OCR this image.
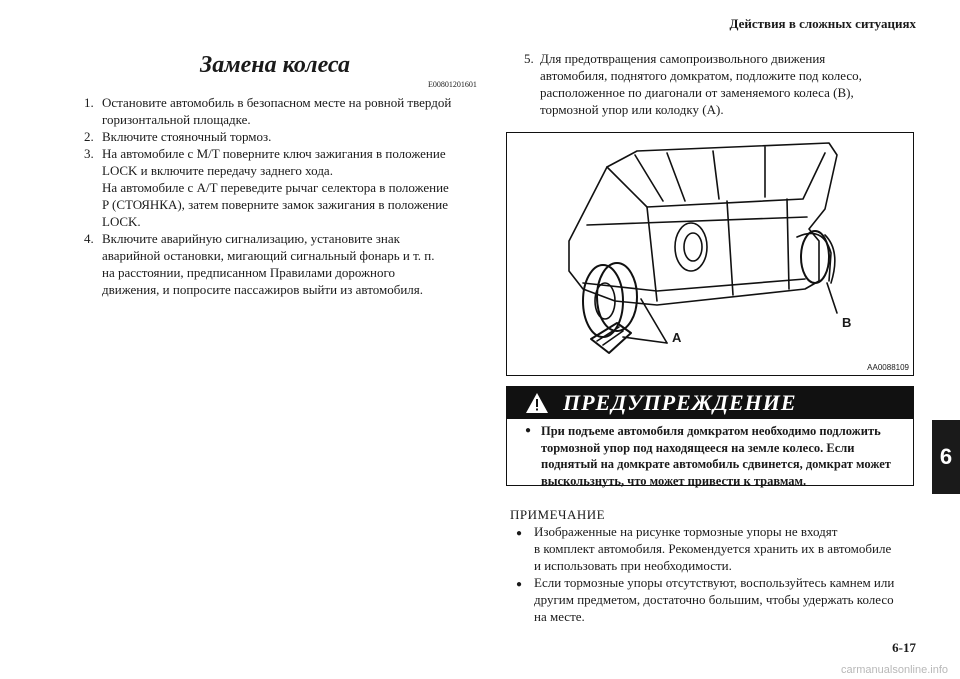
Действия в сложных ситуациях
Замена колеса
E00801201601
1. Остановите автомобиль в безопасном месте на ровной твердой
горизонтальной площадке.
2. Включите стояночный тормоз.
3. На автомобиле с M/T поверните ключ зажигания в положение
LOCK и включите передачу заднего хода.
На автомобиле с A/T переведите рычаг селектора в положение
P (СТОЯНКА), затем поверните замок зажигания в положение
LOCK.
4. Включите аварийную сигнализацию, установите знак
аварийной остановки, мигающий сигнальный фонарь и т. п.
на расстоянии, предписанном Правилами дорожного
движения, и попросите пассажиров выйти из автомобиля.
5. Для предотвращения самопроизвольного движения
автомобиля, поднятого домкратом, подложите под колесо,
расположенное по диагонали от заменяемого колеса (B),
тормозной упор или колодку (A).
A
B
AA0088109
ПРЕДУПРЕЖДЕНИЕ
● При подъеме автомобиля домкратом необходимо подложить
тормозной упор под находящееся на земле колесо. Если
поднятый на домкрате автомобиль сдвинется, домкрат может
выскользнуть, что может привести к травмам.
ПРИМЕЧАНИЕ
● Изображенные на рисунке тормозные упоры не входят
в комплект автомобиля. Рекомендуется хранить их в автомобиле
и использовать при необходимости.
● Если тормозные упоры отсутствуют, воспользуйтесь камнем или
другим предметом, достаточно большим, чтобы удержать колесо
на месте.
6
6-17
carmanualsonline.info
